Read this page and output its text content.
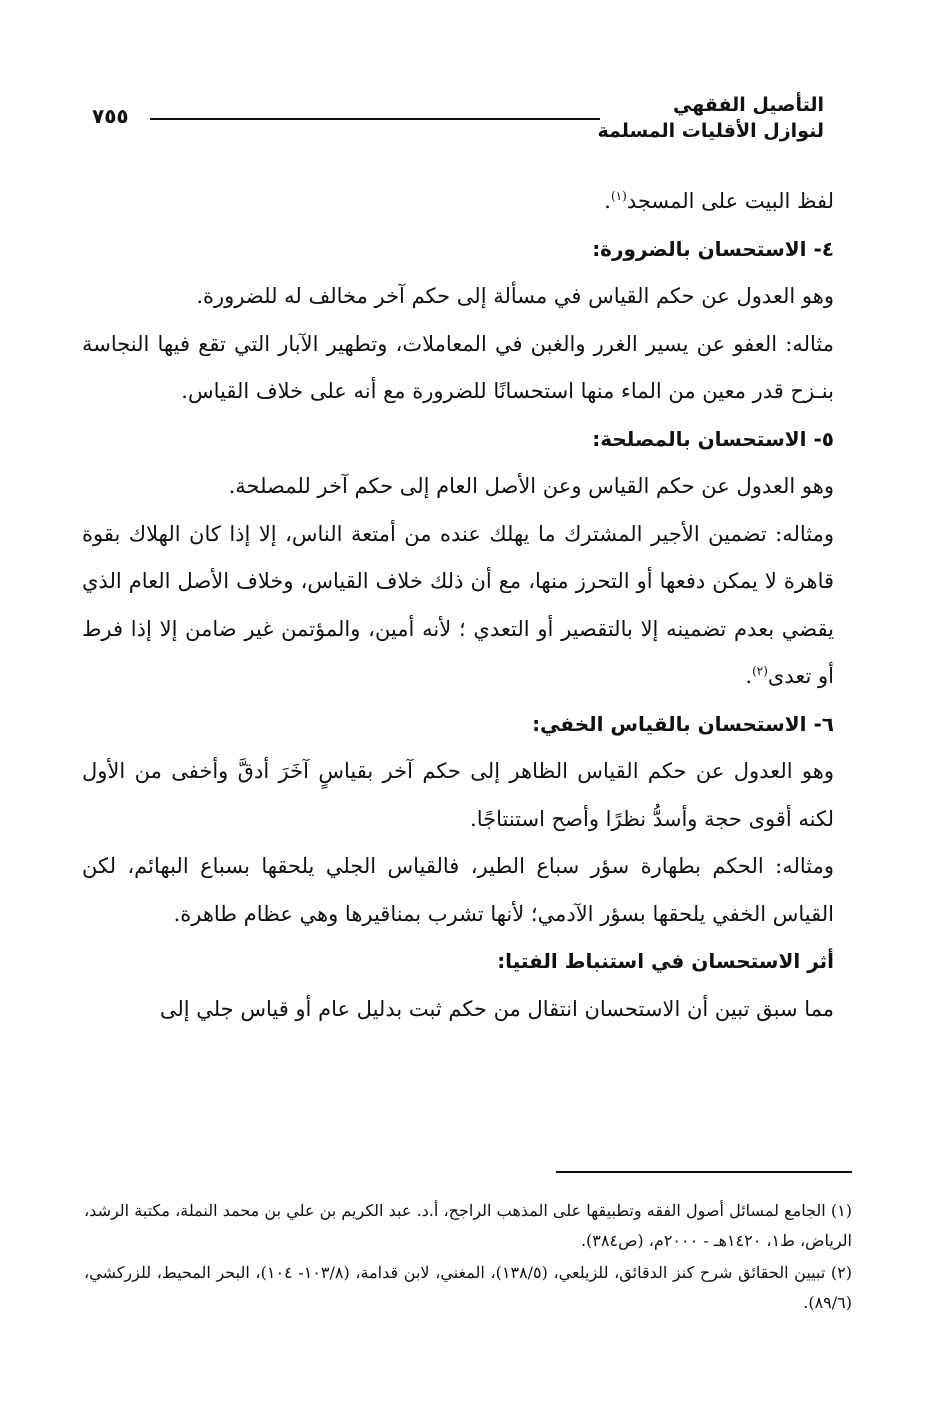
التأصيل الفقهي
لنوازل الأقليات المسلمة
٧٥٥

لفظ البيت على المسجد$^{(١)}$.

٤- الاستحسان بالضرورة:

وهو العدول عن حكم القياس في مسألة إلى حكم آخر مخالف له للضرورة.

مثاله: العفو عن يسير الغرر والغبن في المعاملات، وتطهير الآبار التي تقع فيها النجاسة بنـزح قدر معين من الماء منها استحسانًا للضرورة مع أنه على خلاف القياس.

٥- الاستحسان بالمصلحة:

وهو العدول عن حكم القياس وعن الأصل العام إلى حكم آخر للمصلحة.

ومثاله: تضمين الأجير المشترك ما يهلك عنده من أمتعة الناس، إلا إذا كان الهلاك بقوة قاهرة لا يمكن دفعها أو التحرز منها، مع أن ذلك خلاف القياس، وخلاف الأصل العام الذي يقضي بعدم تضمينه إلا بالتقصير أو التعدي ؛ لأنه أمين، والمؤتمن غير ضامن إلا إذا فرط أو تعدى$^{(٢)}$.

٦- الاستحسان بالقياس الخفي:

وهو العدول عن حكم القياس الظاهر إلى حكم آخر بقياسٍ آخَرَ أدقَّ وأخفى من الأول لكنه أقوى حجة وأسدُّ نظرًا وأصح استنتاجًا.

ومثاله: الحكم بطهارة سؤر سباع الطير، فالقياس الجلي يلحقها بسباع البهائم، لكن القياس الخفي يلحقها بسؤر الآدمي؛ لأنها تشرب بمناقيرها وهي عظام طاهرة.

أثر الاستحسان في استنباط الفتيا:

مما سبق تبين أن الاستحسان انتقال من حكم ثبت بدليل عام أو قياس جلي إلى

(١) الجامع لمسائل أصول الفقه وتطبيقها على المذهب الراجح، أ.د. عبد الكريم بن علي بن محمد النملة، مكتبة الرشد، الرياض، ط١، ١٤٢٠هـ - ٢٠٠٠م، (ص٣٨٤).

(٢) تبيين الحقائق شرح كنز الدقائق، للزيلعي، (١٣٨/٥)، المغني، لابن قدامة، (١٠٣/٨- ١٠٤)، البحر المحيط، للزركشي، (٨٩/٦).
